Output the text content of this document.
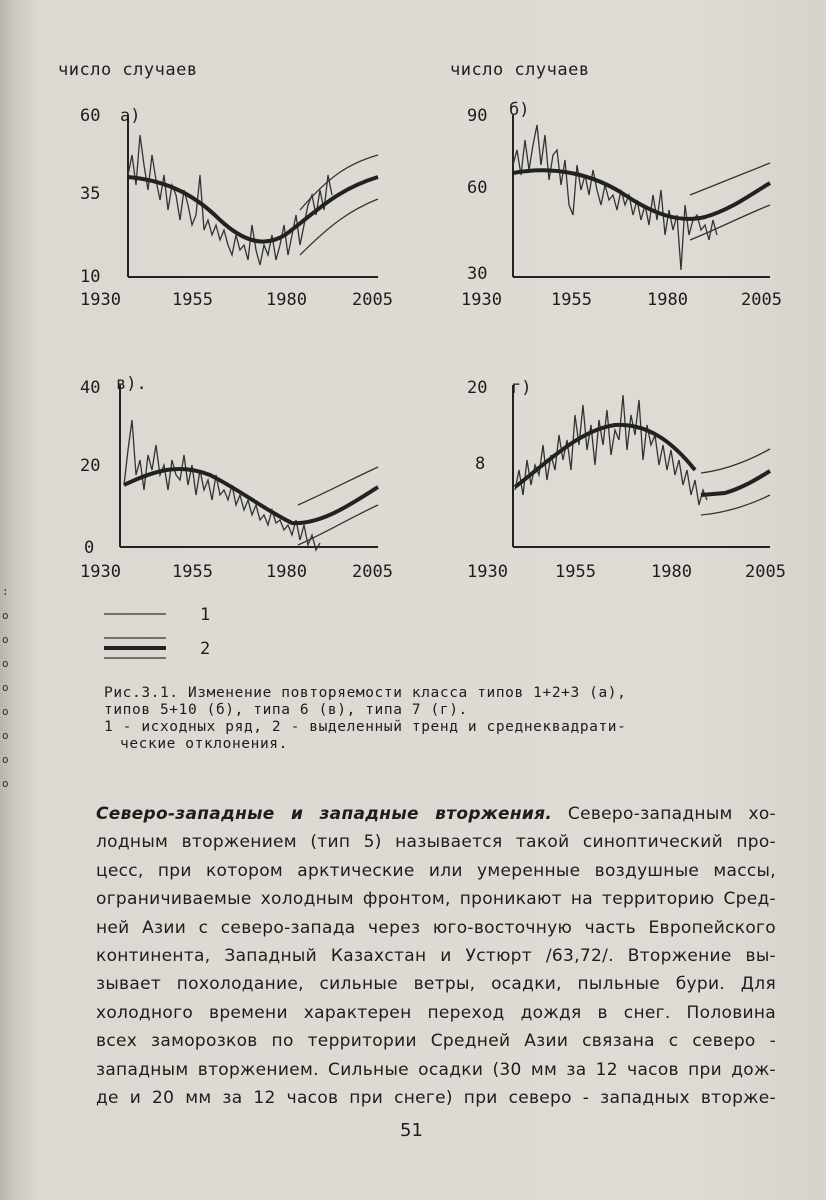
:
о
о
о
о
о
о
о
о
число случаев	число случаев
60
35
10
а)
1930	1955	1980	2005
90
60
30
б)
1930	1955	1980	2005
40
20
0
в).
1930	1955	1980	2005
20
8
г)
1930	1955	1980	2005
1
2
Рис.3.1. Изменение повторяемости класса типов 1+2+3 (а),
типов 5+10 (б), типа 6 (в), типа 7 (г).
1 - исходных ряд, 2 - выделенный тренд и среднеквадрати-
ческие отклонения.
Северо-западные и западные вторжения. Северо-западным хо-
лодным вторжением (тип 5) называется такой синоптический про-
цесс, при котором арктические или умеренные воздушные массы,
ограничиваемые холодным фронтом, проникают на территорию Сред-
ней Азии с северо-запада через юго-восточную часть Европейского
континента, Западный Казахстан и Устюрт /63,72/. Вторжение вы-
зывает похолодание, сильные ветры, осадки, пыльные бури. Для
холодного времени характерен переход дождя в снег. Половина
всех заморозков по территории Средней Азии связана с северо -
западным вторжением. Сильные осадки (30 мм за 12 часов при дож-
де и 20 мм за 12 часов при снеге) при северо - западных вторже-
51
